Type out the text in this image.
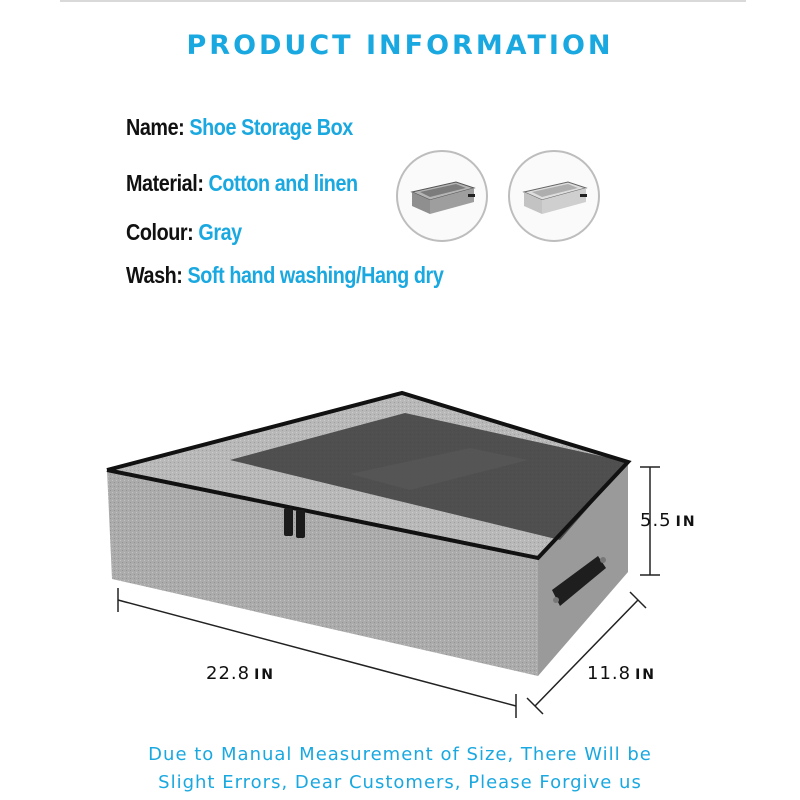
PRODUCT INFORMATION
Name: Shoe Storage Box
Material: Cotton and linen
Colour: Gray
Wash: Soft hand washing/Hang dry
5.5 IN
22.8 IN	11.8 IN
Due to Manual Measurement of Size, There Will be
Slight Errors, Dear Customers, Please Forgive us
